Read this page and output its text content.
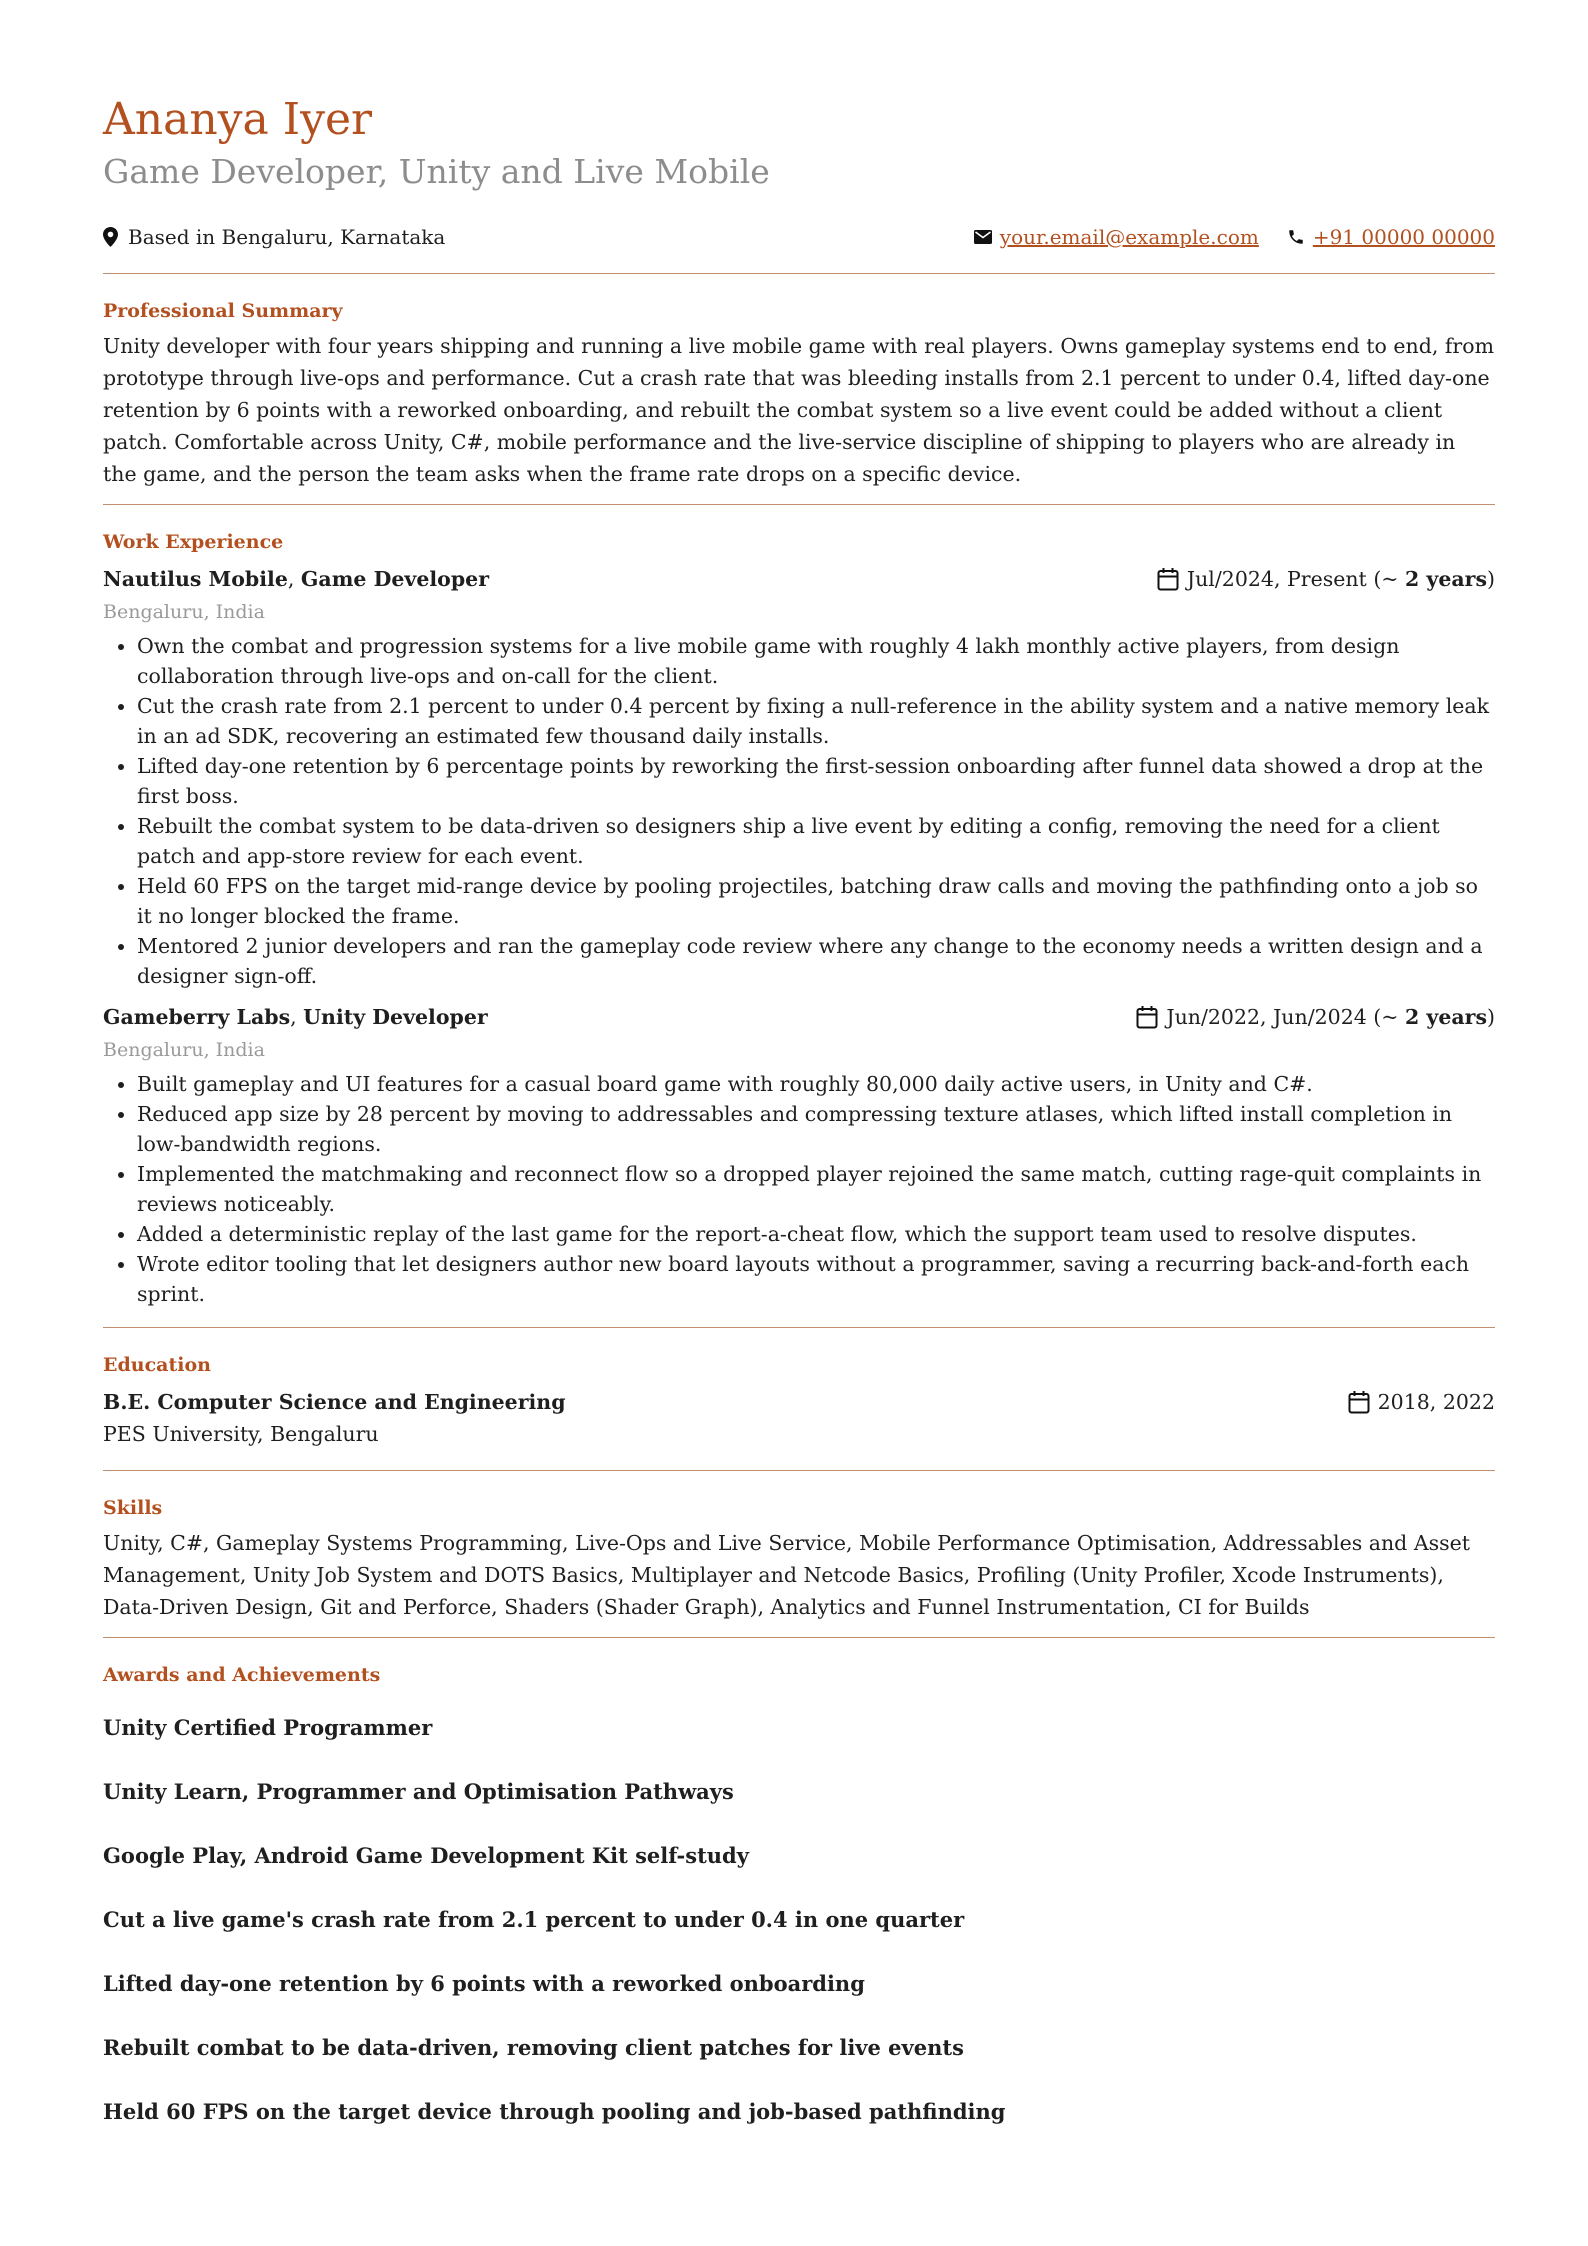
Ananya Iyer
Game Developer, Unity and Live Mobile
Based in Bengaluru, Karnataka	your.email@example.com	+91 00000 00000
Professional Summary

Unity developer with four years shipping and running a live mobile game with real players. Owns gameplay systems end to end, from prototype through live-ops and performance. Cut a crash rate that was bleeding installs from 2.1 percent to under 0.4, lifted day-one retention by 6 points with a reworked onboarding, and rebuilt the combat system so a live event could be added without a client patch. Comfortable across Unity, C#, mobile performance and the live-service discipline of shipping to players who are already in the game, and the person the team asks when the frame rate drops on a specific device.

Work Experience
Nautilus Mobile, Game Developer	Jul/2024, Present (~ 2 years)
Bengaluru, India
• Own the combat and progression systems for a live mobile game with roughly 4 lakh monthly active players, from design collaboration through live-ops and on-call for the client.
• Cut the crash rate from 2.1 percent to under 0.4 percent by fixing a null-reference in the ability system and a native memory leak in an ad SDK, recovering an estimated few thousand daily installs.
• Lifted day-one retention by 6 percentage points by reworking the first-session onboarding after funnel data showed a drop at the first boss.
• Rebuilt the combat system to be data-driven so designers ship a live event by editing a config, removing the need for a client patch and app-store review for each event.
• Held 60 FPS on the target mid-range device by pooling projectiles, batching draw calls and moving the pathfinding onto a job so it no longer blocked the frame.
• Mentored 2 junior developers and ran the gameplay code review where any change to the economy needs a written design and a designer sign-off.
Gameberry Labs, Unity Developer	Jun/2022, Jun/2024 (~ 2 years)
Bengaluru, India
• Built gameplay and UI features for a casual board game with roughly 80,000 daily active users, in Unity and C#.
• Reduced app size by 28 percent by moving to addressables and compressing texture atlases, which lifted install completion in low-bandwidth regions.
• Implemented the matchmaking and reconnect flow so a dropped player rejoined the same match, cutting rage-quit complaints in reviews noticeably.
• Added a deterministic replay of the last game for the report-a-cheat flow, which the support team used to resolve disputes.
• Wrote editor tooling that let designers author new board layouts without a programmer, saving a recurring back-and-forth each sprint.
Education
B.E. Computer Science and Engineering	2018, 2022
PES University, Bengaluru
Skills

Unity, C#, Gameplay Systems Programming, Live-Ops and Live Service, Mobile Performance Optimisation, Addressables and Asset Management, Unity Job System and DOTS Basics, Multiplayer and Netcode Basics, Profiling (Unity Profiler, Xcode Instruments), Data-Driven Design, Git and Perforce, Shaders (Shader Graph), Analytics and Funnel Instrumentation, CI for Builds

Awards and Achievements
Unity Certified Programmer
Unity Learn, Programmer and Optimisation Pathways
Google Play, Android Game Development Kit self-study
Cut a live game's crash rate from 2.1 percent to under 0.4 in one quarter
Lifted day-one retention by 6 points with a reworked onboarding
Rebuilt combat to be data-driven, removing client patches for live events
Held 60 FPS on the target device through pooling and job-based pathfinding
